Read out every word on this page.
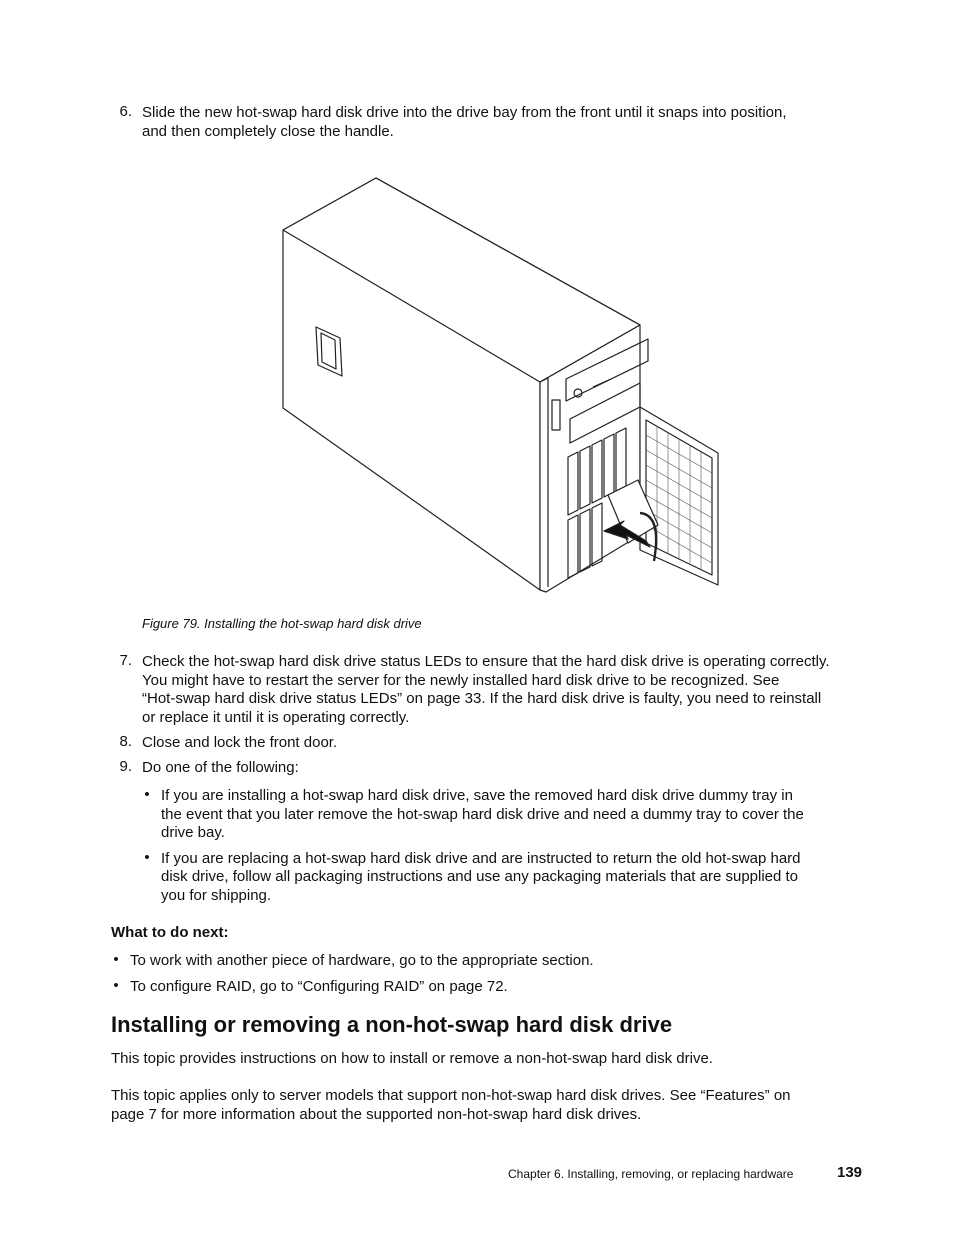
6. Slide the new hot-swap hard disk drive into the drive bay from the front until it snaps into position,
and then completely close the handle.
Figure 79. Installing the hot-swap hard disk drive
7. Check the hot-swap hard disk drive status LEDs to ensure that the hard disk drive is operating correctly.
You might have to restart the server for the newly installed hard disk drive to be recognized. See
“Hot-swap hard disk drive status LEDs” on page 33. If the hard disk drive is faulty, you need to reinstall
or replace it until it is operating correctly.
8. Close and lock the front door.
9. Do one of the following:
• If you are installing a hot-swap hard disk drive, save the removed hard disk drive dummy tray in
the event that you later remove the hot-swap hard disk drive and need a dummy tray to cover the
drive bay.
• If you are replacing a hot-swap hard disk drive and are instructed to return the old hot-swap hard
disk drive, follow all packaging instructions and use any packaging materials that are supplied to
you for shipping.
What to do next:
• To work with another piece of hardware, go to the appropriate section.
• To configure RAID, go to “Configuring RAID” on page 72.
Installing or removing a non-hot-swap hard disk drive
This topic provides instructions on how to install or remove a non-hot-swap hard disk drive.
This topic applies only to server models that support non-hot-swap hard disk drives. See “Features” on
page 7 for more information about the supported non-hot-swap hard disk drives.
Chapter 6. Installing, removing, or replacing hardware	139
